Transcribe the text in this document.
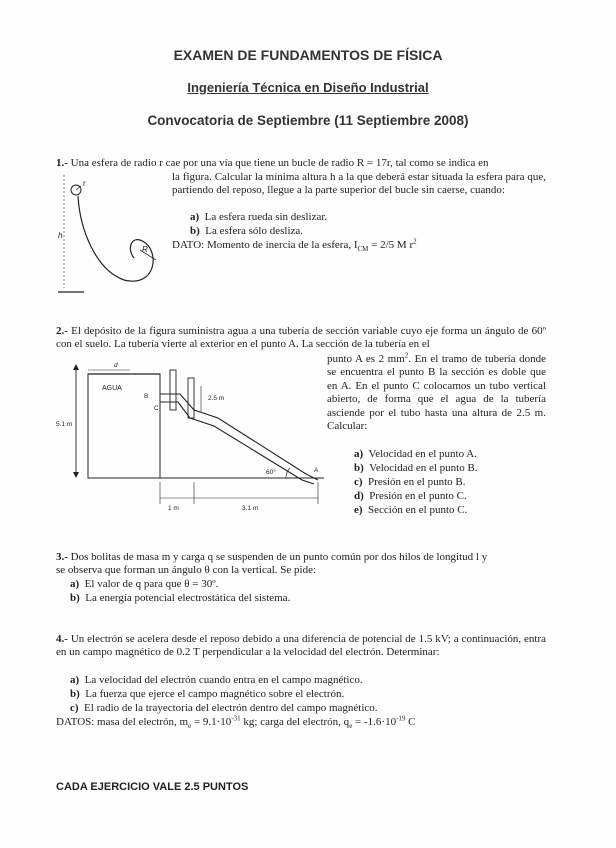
EXAMEN DE FUNDAMENTOS DE FÍSICA
Ingeniería Técnica en Diseño Industrial
Convocatoria de Septiembre (11 Septiembre 2008)
1.- Una esfera de radio r cae por una vía que tiene un bucle de radio R = 17r, tal como se indica en
la figura. Calcular la mínima altura h a la que deberá estar situada la esfera para que, partiendo del reposo, llegue a la parte superior del bucle sin caerse, cuando:
a) La esfera rueda sin deslizar.
b) La esfera sólo desliza.
DATO: Momento de inercia de la esfera, $I_{CM} = 2/5$ M $r^2$
r
h
R
2.- El depósito de la figura suministra agua a una tubería de sección variable cuyo eje forma un ángulo de 60º con el suelo. La tubería vierte al exterior en el punto A. La sección de la tubería en el
punto A es 2 $mm^2$. En el tramo de tubería donde se encuentra el punto B la sección es doble que en A. En el punto C colocamos un tubo vertical abierto, de forma que el agua de la tubería asciende por el tubo hasta una altura de 2.5 m. Calcular:
a) Velocidad en el punto A.
b) Velocidad en el punto B.
c) Presión en el punto B.
d) Presión en el punto C.
e) Sección en el punto C.
5.1 m
AGUA
d
2.5 m
B
C
A
60°
1 m	3.1 m
3.- Dos bolitas de masa m y carga q se suspenden de un punto común por dos hilos de longitud l y
se observa que forman un ángulo θ con la vertical. Se pide:
a) El valor de q para que θ = 30º.
b) La energía potencial electrostática del sistema.
4.- Un electrón se acelera desde el reposo debido a una diferencia de potencial de 1.5 kV; a continuación, entra en un campo magnético de 0.2 T perpendicular a la velocidad del electrón. Determinar:
a) La velocidad del electrón cuando entra en el campo magnético.
b) La fuerza que ejerce el campo magnético sobre el electrón.
c) El radio de la trayectoria del electrón dentro del campo magnético.
DATOS: masa del electrón, $m_e = 9.1\cdot 10^{-31}$ kg; carga del electrón, $q_e = -1.6\cdot 10^{-19}$ C
CADA EJERCICIO VALE 2.5 PUNTOS
